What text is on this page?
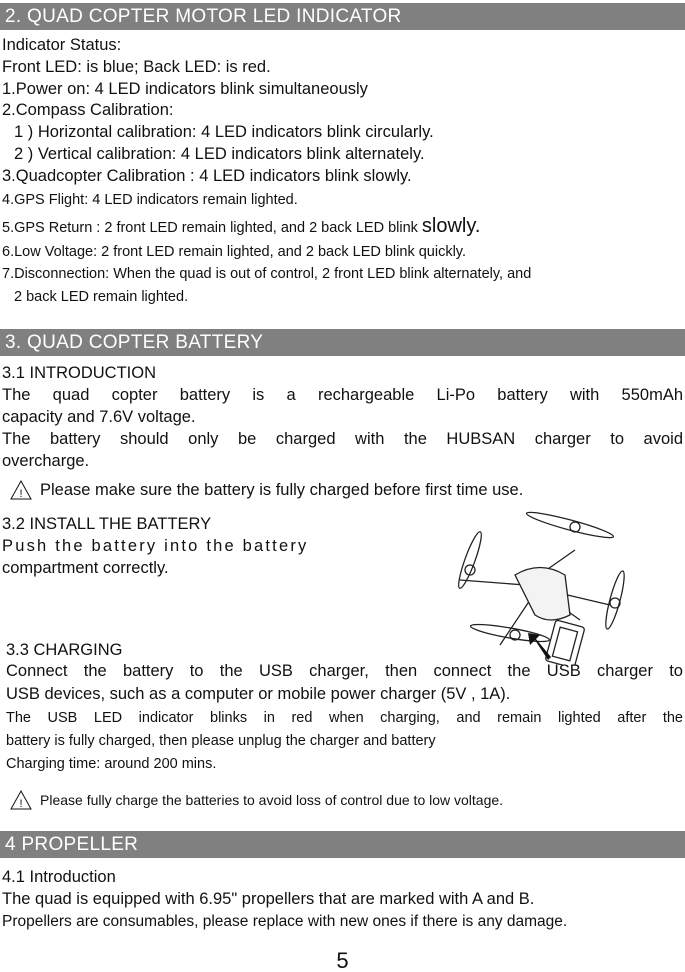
2. QUAD COPTER MOTOR LED INDICATOR
Indicator Status:
Front LED: is blue; Back LED: is red.
1.Power on: 4 LED indicators blink simultaneously
2.Compass Calibration:
1 ) Horizontal calibration: 4 LED indicators blink circularly.
2 ) Vertical calibration: 4 LED indicators blink alternately.
3.Quadcopter Calibration : 4 LED indicators blink slowly.
4.GPS Flight: 4 LED indicators remain lighted.
5.GPS Return : 2 front LED remain lighted, and 2 back LED blink slowly.
6.Low Voltage: 2 front LED remain lighted, and 2 back LED blink quickly.
7.Disconnection: When the quad is out of control, 2 front LED blink alternately, and
2 back LED remain lighted.
3. QUAD COPTER BATTERY
3.1 INTRODUCTION
The quad copter battery is a rechargeable Li-Po battery with 550mAh
capacity and 7.6V voltage.
The battery should only be charged with the HUBSAN charger to avoid
overcharge.
! Please make sure the battery is fully charged before first time use.
3.2 INSTALL THE BATTERY
Push the battery into the battery
compartment correctly.
3.3 CHARGING
Connect the battery to the USB charger, then connect the USB charger to
USB devices, such as a computer or mobile power charger (5V , 1A).
The USB LED indicator blinks in red when charging, and remain lighted after the
battery is fully charged, then please unplug the charger and battery
Charging time: around 200 mins.
! Please fully charge the batteries to avoid loss of control due to low voltage.
4 PROPELLER
4.1 Introduction
The quad is equipped with 6.95" propellers that are marked with A and B.
Propellers are consumables, please replace with new ones if there is any damage.
5
